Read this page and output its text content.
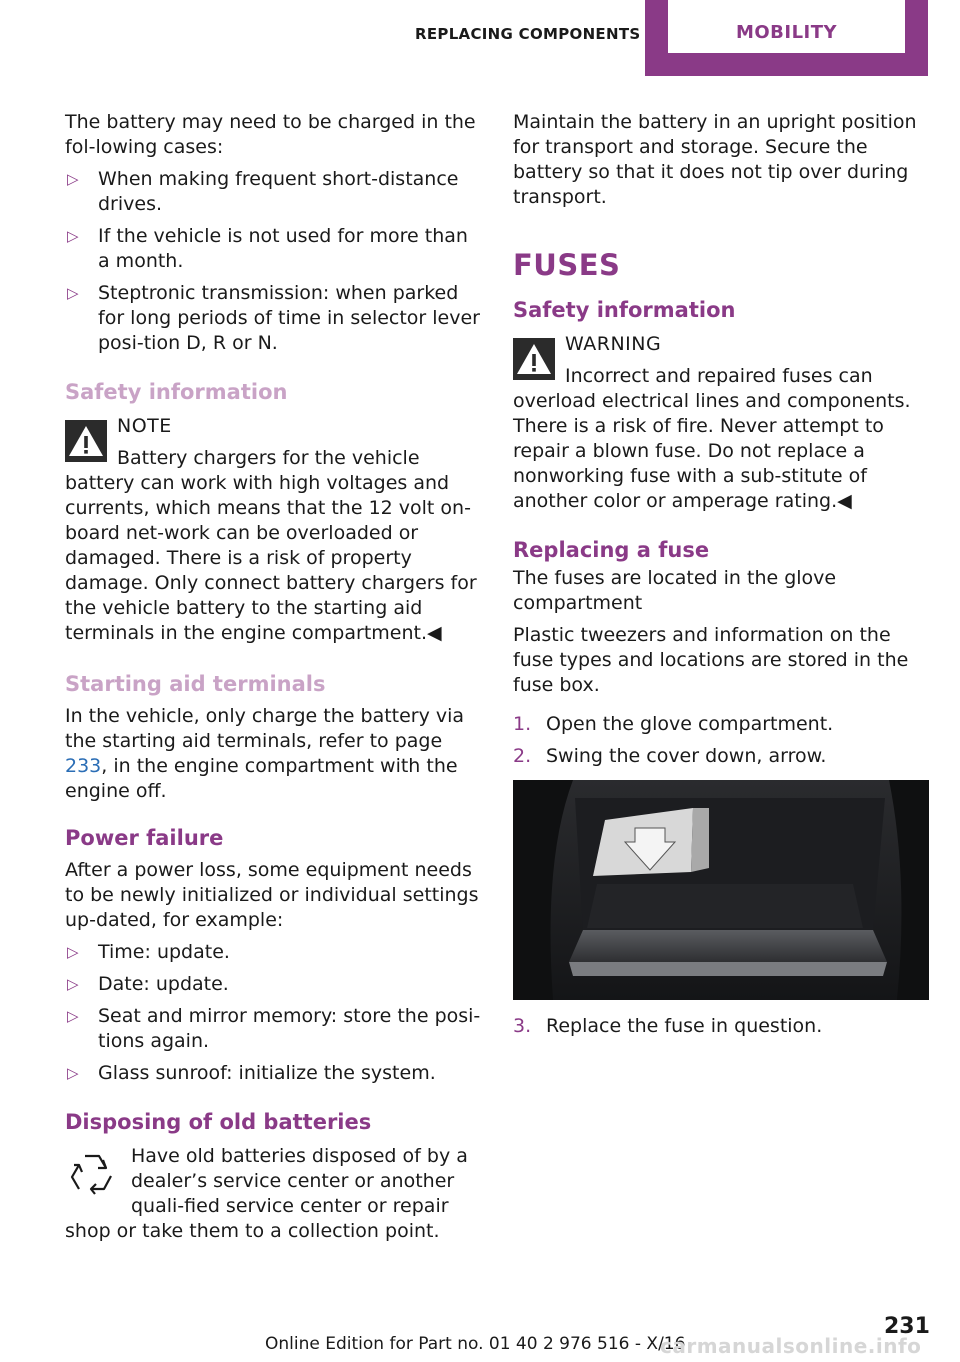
REPLACING COMPONENTS	MOBILITY

The battery may need to be charged in the fol‐lowing cases:

▷ When making frequent short-distance drives.
▷ If the vehicle is not used for more than a month.
▷ Steptronic transmission: when parked for long periods of time in selector lever posi‐tion D, R or N.
Safety information
NOTE
Battery chargers for the vehicle battery can work with high voltages and currents, which means that the 12 volt on-board net‐work can be overloaded or damaged. There is a risk of property damage. Only connect battery chargers for the vehicle battery to the starting aid terminals in the engine compartment.◀
Starting aid terminals

In the vehicle, only charge the battery via the starting aid terminals, refer to page 233, in the engine compartment with the engine off.

Power failure

After a power loss, some equipment needs to be newly initialized or individual settings up‐dated, for example:

▷ Time: update.
▷ Date: update.
▷ Seat and mirror memory: store the posi‐tions again.
▷ Glass sunroof: initialize the system.
Disposing of old batteries
Have old batteries disposed of by a dealer’s service center or another quali‐fied service center or repair shop or take them to a collection point.

Maintain the battery in an upright position for transport and storage. Secure the battery so that it does not tip over during transport.

FUSES
Safety information
WARNING
Incorrect and repaired fuses can overload electrical lines and components. There is a risk of fire. Never attempt to repair a blown fuse. Do not replace a nonworking fuse with a sub‐stitute of another color or amperage rating.◀
Replacing a fuse

The fuses are located in the glove compartment

Plastic tweezers and information on the fuse types and locations are stored in the fuse box.

1. Open the glove compartment.
2. Swing the cover down, arrow.
3. Replace the fuse in question.
231
Online Edition for Part no. 01 40 2 976 516 - X/16
carmanualsonline.info
